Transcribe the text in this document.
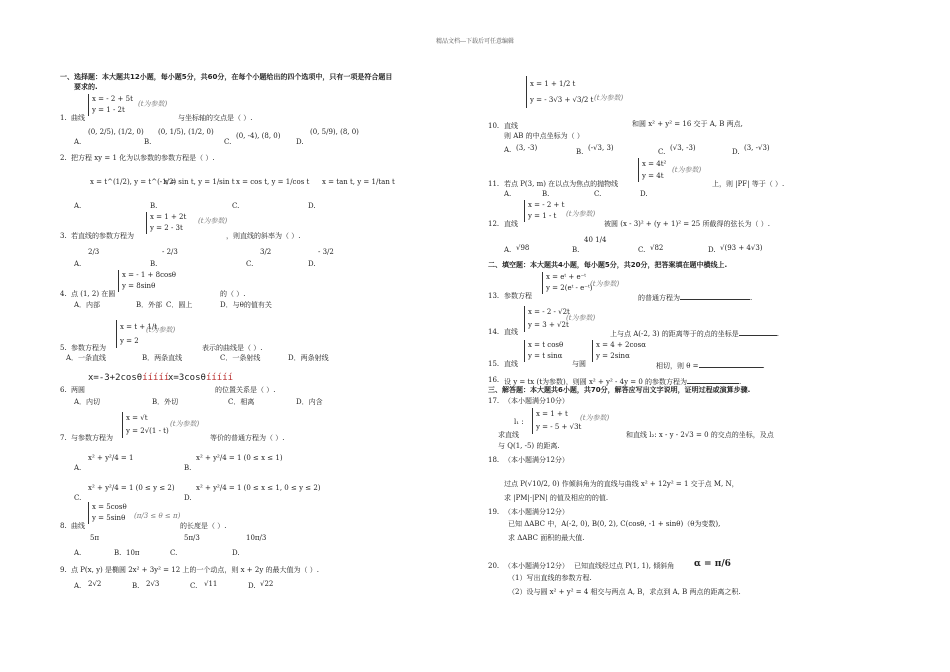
精品文档---下载后可任意编辑
一、选择题：本大题共12小题，每小题5分，共60分，在每个小题给出的四个选项中，只有一项是符合题目
要求的.
1. 曲线
x = - 2 + 5t
y = 1 - 2t
(t为参数)
与坐标轴的交点是（ ）.
A.
(0, 2/5), (1/2, 0)
B.
(0, 1/5), (1/2, 0)
C.
(0, -4), (8, 0)
D.
(0, 5/9), (8, 0)
2. 把方程 xy = 1 化为以参数的参数方程是（ ）.
A.
x = t^(1/2), y = t^(-1/2)
B.
x = sin t, y = 1/sin t
C.
x = cos t, y = 1/cos t
D.
x = tan t, y = 1/tan t
3. 若直线的参数方程为
x = 1 + 2t
y = 2 - 3t
(t为参数)
，则直线的斜率为（ ）.
A.
2/3
B.
- 2/3
C.
3/2
D.
- 3/2
4. 点 (1, 2) 在圆
x = - 1 + 8cosθ
y = 8sinθ
的（ ）.
A．内部	B．外部 C．圆上	D．与θ的值有关
5. 参数方程为
x = t + 1/t
y = 2
(t为参数)
表示的曲线是（ ）.
A．一条直线	B．两条直线	C．一条射线	D．两条射线
6. 两圆
x=-3+2cosθííííí
x=3cosθííííí
的位置关系是（ ）.
A．内切	B．外切	C．相离	D．内含
7. 与参数方程为
x = √t
y = 2√(1 - t)
(t为参数)
等价的普通方程为（ ）.
A.
x² + y²/4 = 1
B.
x² + y²/4 = 1 (0 ≤ x ≤ 1)
C.
x² + y²/4 = 1 (0 ≤ y ≤ 2)
D.
x² + y²/4 = 1 (0 ≤ x ≤ 1, 0 ≤ y ≤ 2)
8. 曲线
x = 5cosθ
y = 5sinθ (π/3 ≤ θ ≤ π)
的长度是（ ）.
A.
5π
B. 10π	C.
5π/3
D.
10π/3
9. 点 P(x, y) 是椭圆 2x² + 3y² = 12 上的一个动点，则 x + 2y 的最大值为（ ）.
A. 2√2	B. 2√3	C. √11	D. √22
x = 1 + 1/2 t
y = - 3√3 + √3/2 t (t为参数)
10. 直线	和圆 x² + y² = 16 交于 A, B 两点,
则 AB 的中点坐标为（ ）
A. (3, -3)	B. (-√3, 3)	C. (√3, -3)	D. (3, -√3)
11. 若点 P(3, m) 在以点为焦点的抛物线
x = 4t²
y = 4t
(t为参数)
上，则 |PF| 等于（ ）.
A.	B.	C.	D.
12. 直线
x = - 2 + t
y = 1 - t	(t为参数)
被圆 (x - 3)² + (y + 1)² = 25 所截得的弦长为（ ）.
A. √98	B.
40 1/4
C. √82	D. √(93 + 4√3)
二、填空题：本大题共4小题，每小题5分，共20分，把答案填在题中横线上.
13. 参数方程
x = eᵗ + e⁻ᵗ
y = 2(eᵗ - e⁻ᵗ)
(t为参数)
的普通方程为	.
14. 直线
x = - 2 - √2t
y = 3 + √2t
(t为参数)
上与点 A(-2, 3) 的距离等于的点的坐标是	.
15. 直线
x = t cosθ
y = t sinα
与圆
x = 4 + 2cosα
y = 2sinα
相切，则 θ =	.
16. 设 y = tx (t为参数)，则圆 x² + y² - 4y = 0 的参数方程为	.
三、解答题：本大题共6小题，共70分，解答应写出文字说明，证明过程或演算步骤.
17. （本小题满分10分）
l₁ :
求直线
x = 1 + t
y = - 5 + √3t
(t为参数)
和直线 l₂: x - y - 2√3 = 0 的交点的坐标，及点
与 Q(1, -5) 的距离.
18. （本小题满分12分）
过点 P(√10/2, 0) 作倾斜角为的直线与曲线 x² + 12y² = 1 交于点 M, N，
求 |PM|·|PN| 的值及相应的的值.
19. （本小题满分12分）
已知 ΔABC 中，A(-2, 0), B(0, 2), C(cosθ, -1 + sinθ)（θ为变数),
求 ΔABC 面积的最大值.
20. （本小题满分12分） 已知直线经过点 P(1, 1), 倾斜角 α = π/6
（1）写出直线的参数方程.
（2）设与圆 x² + y² = 4 相交与两点 A, B，求点到 A, B 两点的距离之积.
